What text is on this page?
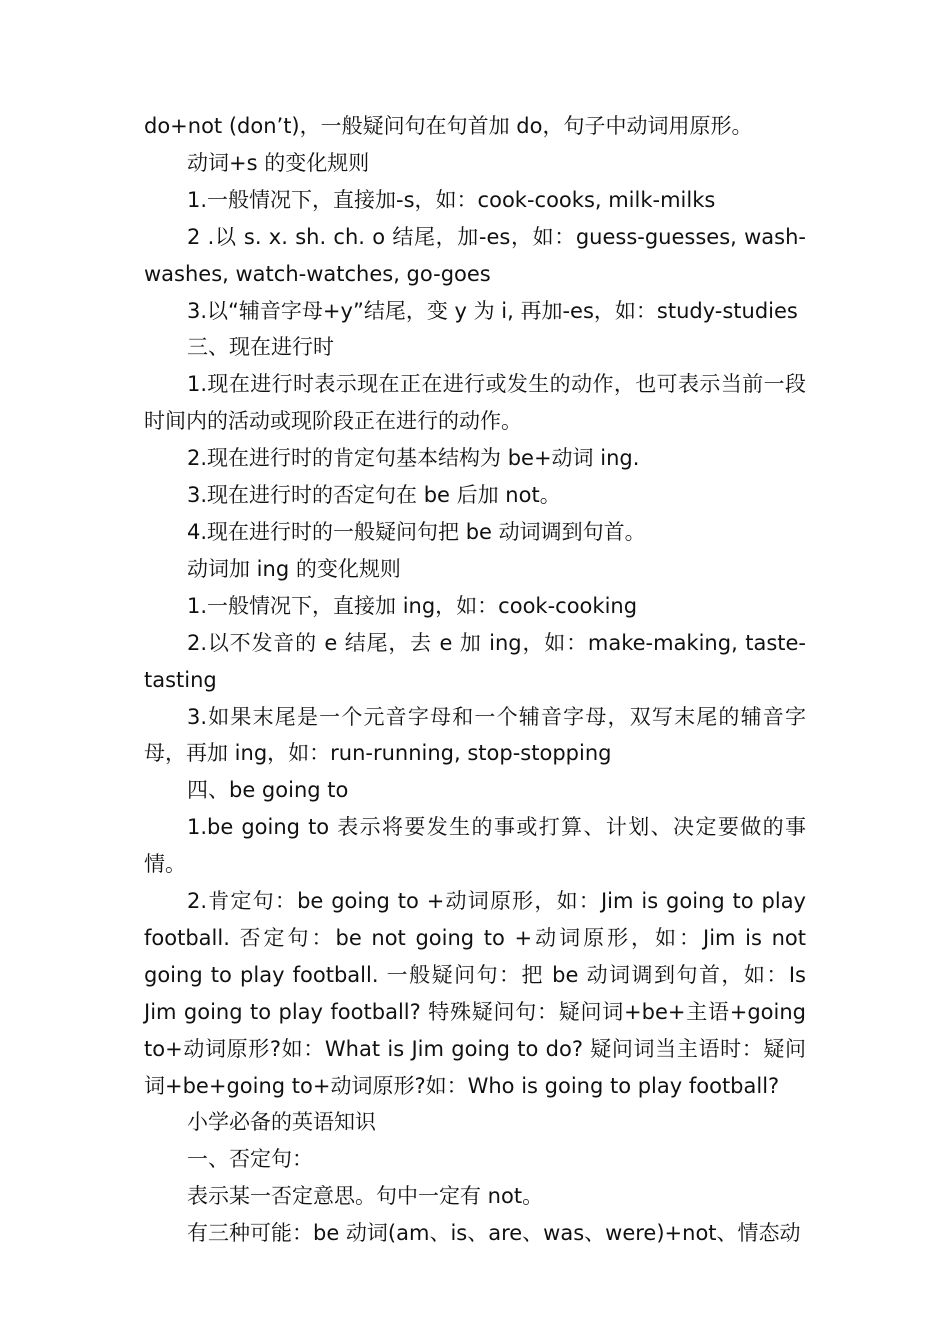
do+not (don’t)，一般疑问句在句首加 do，句子中动词用原形。

动词+s 的变化规则

1.一般情况下，直接加-s，如：cook-cooks, milk-milks

2 .以 s. x. sh. ch. o 结尾，加-es，如：guess-guesses, wash-washes, watch-watches, go-goes

3.以“辅音字母+y”结尾，变 y 为 i, 再加-es，如：study-studies

三、现在进行时

1.现在进行时表示现在正在进行或发生的动作，也可表示当前一段时间内的活动或现阶段正在进行的动作。

2.现在进行时的肯定句基本结构为 be+动词 ing.

3.现在进行时的否定句在 be 后加 not。

4.现在进行时的一般疑问句把 be 动词调到句首。

动词加 ing 的变化规则

1.一般情况下，直接加 ing，如：cook-cooking

2.以不发音的 e 结尾，去 e 加 ing，如：make-making, taste-tasting

3.如果末尾是一个元音字母和一个辅音字母，双写末尾的辅音字母，再加 ing，如：run-running, stop-stopping

四、be going to

1.be going to 表示将要发生的事或打算、计划、决定要做的事情。

2.肯定句：be going to +动词原形，如：Jim is going to play football. 否定句：be not going to +动词原形，如：Jim is not going to play football. 一般疑问句：把 be 动词调到句首，如：Is Jim going to play football? 特殊疑问句：疑问词+be+主语+going to+动词原形?如：What is Jim going to do? 疑问词当主语时：疑问词+be+going to+动词原形?如：Who is going to play football?

小学必备的英语知识

一、否定句：

表示某一否定意思。句中一定有 not。

有三种可能：be 动词(am、is、are、was、were)+not、情态动
